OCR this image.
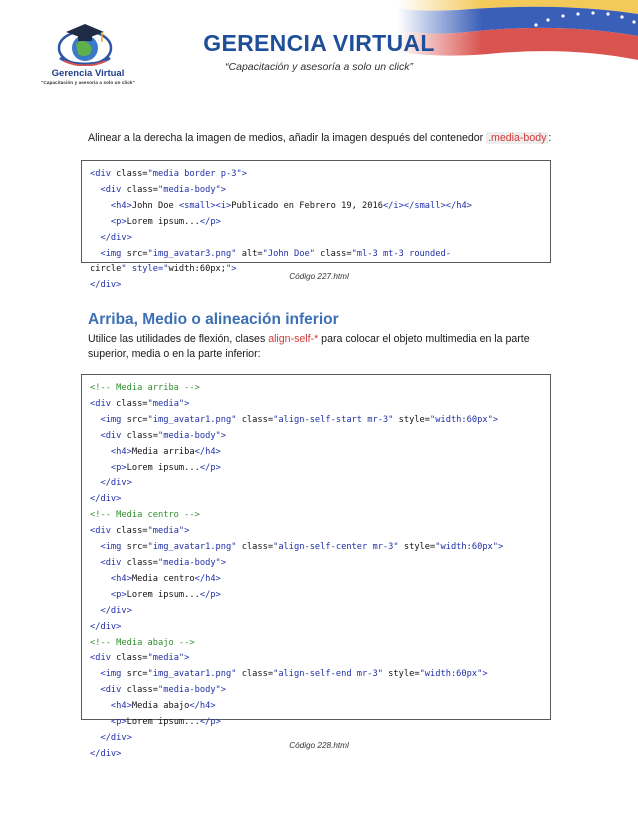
Gerencia Virtual
"Capacitación y asesoría a solo un click"
GERENCIA VIRTUAL
“Capacitación y asesoría a solo un click”
Alinear a la derecha la imagen de medios, añadir la imagen después del contenedor .media-body :
<div class="media border p-3">
<div class="media-body">
<h4>John Doe <small><i>Publicado en Febrero 19, 2016</i></small></h4>
<p>Lorem ipsum...</p>
</div>
<img src="img_avatar3.png" alt="John Doe" class="ml-3 mt-3 rounded-
circle" style="width:60px;">
</div>
Código 227.html
Arriba, Medio o alineación inferior
Utilice las utilidades de flexión, clases align-self-* para colocar el objeto multimedia en la parte superior, media o en la parte inferior:
<!-- Media arriba -->
<div class="media">
<img src="img_avatar1.png" class="align-self-start mr-3" style="width:60px">
<div class="media-body">
<h4>Media arriba</h4>
<p>Lorem ipsum...</p>
</div>
</div>
<!-- Media centro -->
<div class="media">
<img src="img_avatar1.png" class="align-self-center mr-3" style="width:60px">
<div class="media-body">
<h4>Media centro</h4>
<p>Lorem ipsum...</p>
</div>
</div>
<!-- Media abajo -->
<div class="media">
<img src="img_avatar1.png" class="align-self-end mr-3" style="width:60px">
<div class="media-body">
<h4>Media abajo</h4>
<p>Lorem ipsum...</p>
</div>
</div>
Código 228.html
